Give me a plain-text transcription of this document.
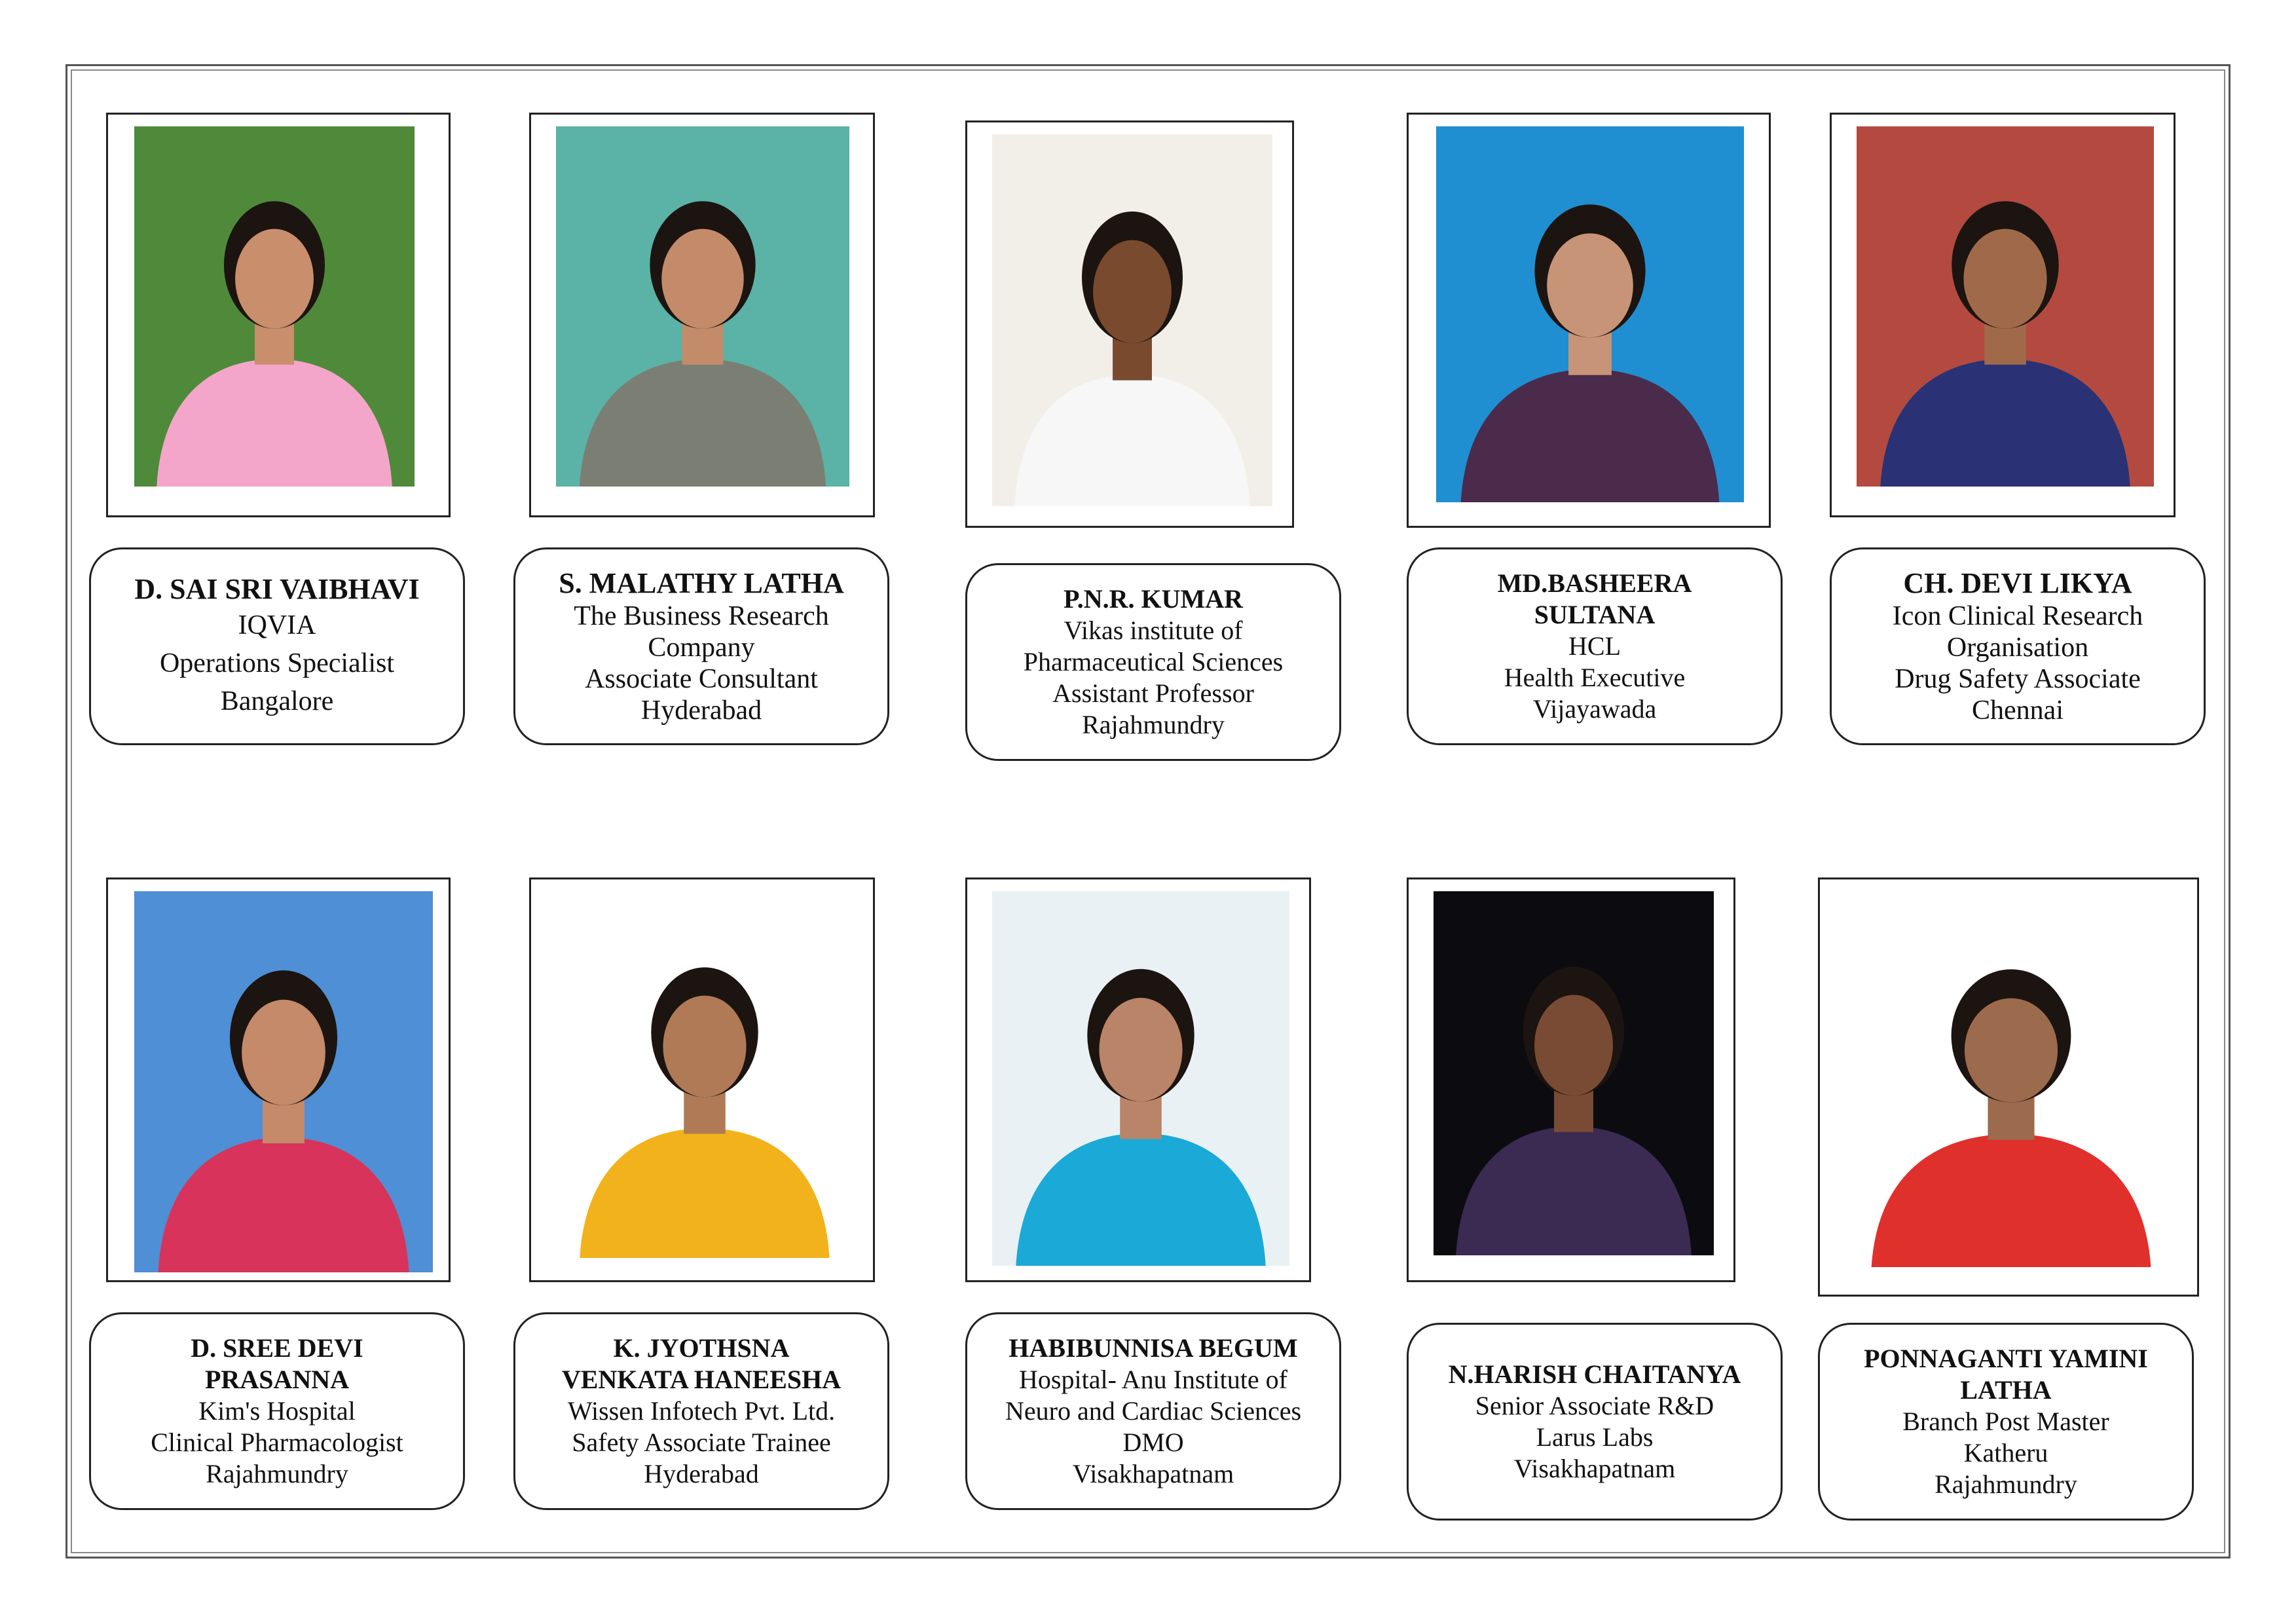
D. SAI SRI VAIBHAVI
IQVIA
Operations Specialist
Bangalore
S. MALATHY LATHA
The Business Research
Company
Associate Consultant
Hyderabad
P.N.R. KUMAR
Vikas institute of
Pharmaceutical Sciences
Assistant Professor
Rajahmundry
MD.BASHEERA
SULTANA
HCL
Health Executive
Vijayawada
CH. DEVI LIKYA
Icon Clinical Research
Organisation
Drug Safety Associate
Chennai
D. SREE DEVI
PRASANNA
Kim's Hospital
Clinical Pharmacologist
Rajahmundry
K. JYOTHSNA
VENKATA HANEESHA
Wissen Infotech Pvt. Ltd.
Safety Associate Trainee
Hyderabad
HABIBUNNISA BEGUM
Hospital- Anu Institute of
Neuro and Cardiac Sciences
DMO
Visakhapatnam
N.HARISH CHAITANYA
Senior Associate R&D
Larus Labs
Visakhapatnam
PONNAGANTI YAMINI
LATHA
Branch Post Master
Katheru
Rajahmundry
